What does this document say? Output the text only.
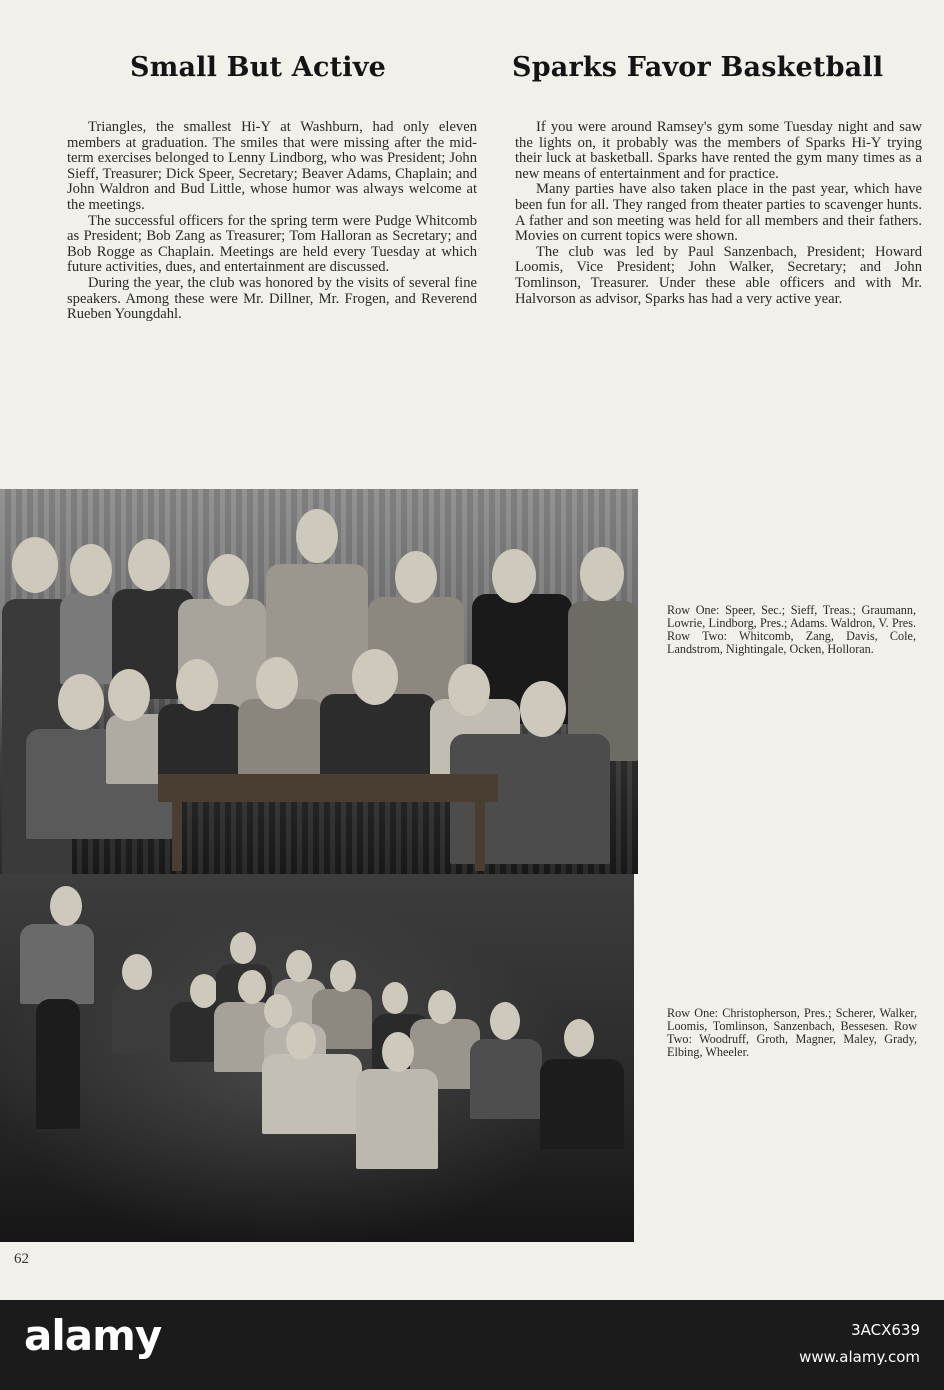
Small But Active	Sparks Favor Basketball

Triangles, the smallest Hi-Y at Washburn, had only eleven members at graduation. The smiles that were missing after the mid-term exercises belonged to Lenny Lindborg, who was President; John Sieff, Treasurer; Dick Speer, Secretary; Beaver Adams, Chaplain; and John Waldron and Bud Little, whose humor was always welcome at the meetings.

The successful officers for the spring term were Pudge Whitcomb as President; Bob Zang as Treasurer; Tom Halloran as Secretary; and Bob Rogge as Chaplain. Meetings are held every Tuesday at which future activities, dues, and entertainment are discussed.

During the year, the club was honored by the visits of several fine speakers. Among these were Mr. Dillner, Mr. Frogen, and Reverend Rueben Youngdahl.

If you were around Ramsey's gym some Tuesday night and saw the lights on, it probably was the members of Sparks Hi-Y trying their luck at basketball. Sparks have rented the gym many times as a new means of entertainment and for practice.

Many parties have also taken place in the past year, which have been fun for all. They ranged from theater parties to scavenger hunts. A father and son meeting was held for all members and their fathers. Movies on current topics were shown.

The club was led by Paul Sanzenbach, President; Howard Loomis, Vice President; John Walker, Secretary; and John Tomlinson, Treasurer. Under these able officers and with Mr. Halvorson as advisor, Sparks has had a very active year.

Row One: Speer, Sec.; Sieff, Treas.; Graumann, Lowrie, Lindborg, Pres.; Adams. Waldron, V. Pres. Row Two: Whitcomb, Zang, Davis, Cole, Landstrom, Nightingale, Ocken, Holloran.

Row One: Christopherson, Pres.; Scherer, Walker, Loomis, Tomlinson, Sanzenbach, Bessesen. Row Two: Woodruff, Groth, Magner, Maley, Grady, Elbing, Wheeler.

62
alamy	3ACX639
www.alamy.com
